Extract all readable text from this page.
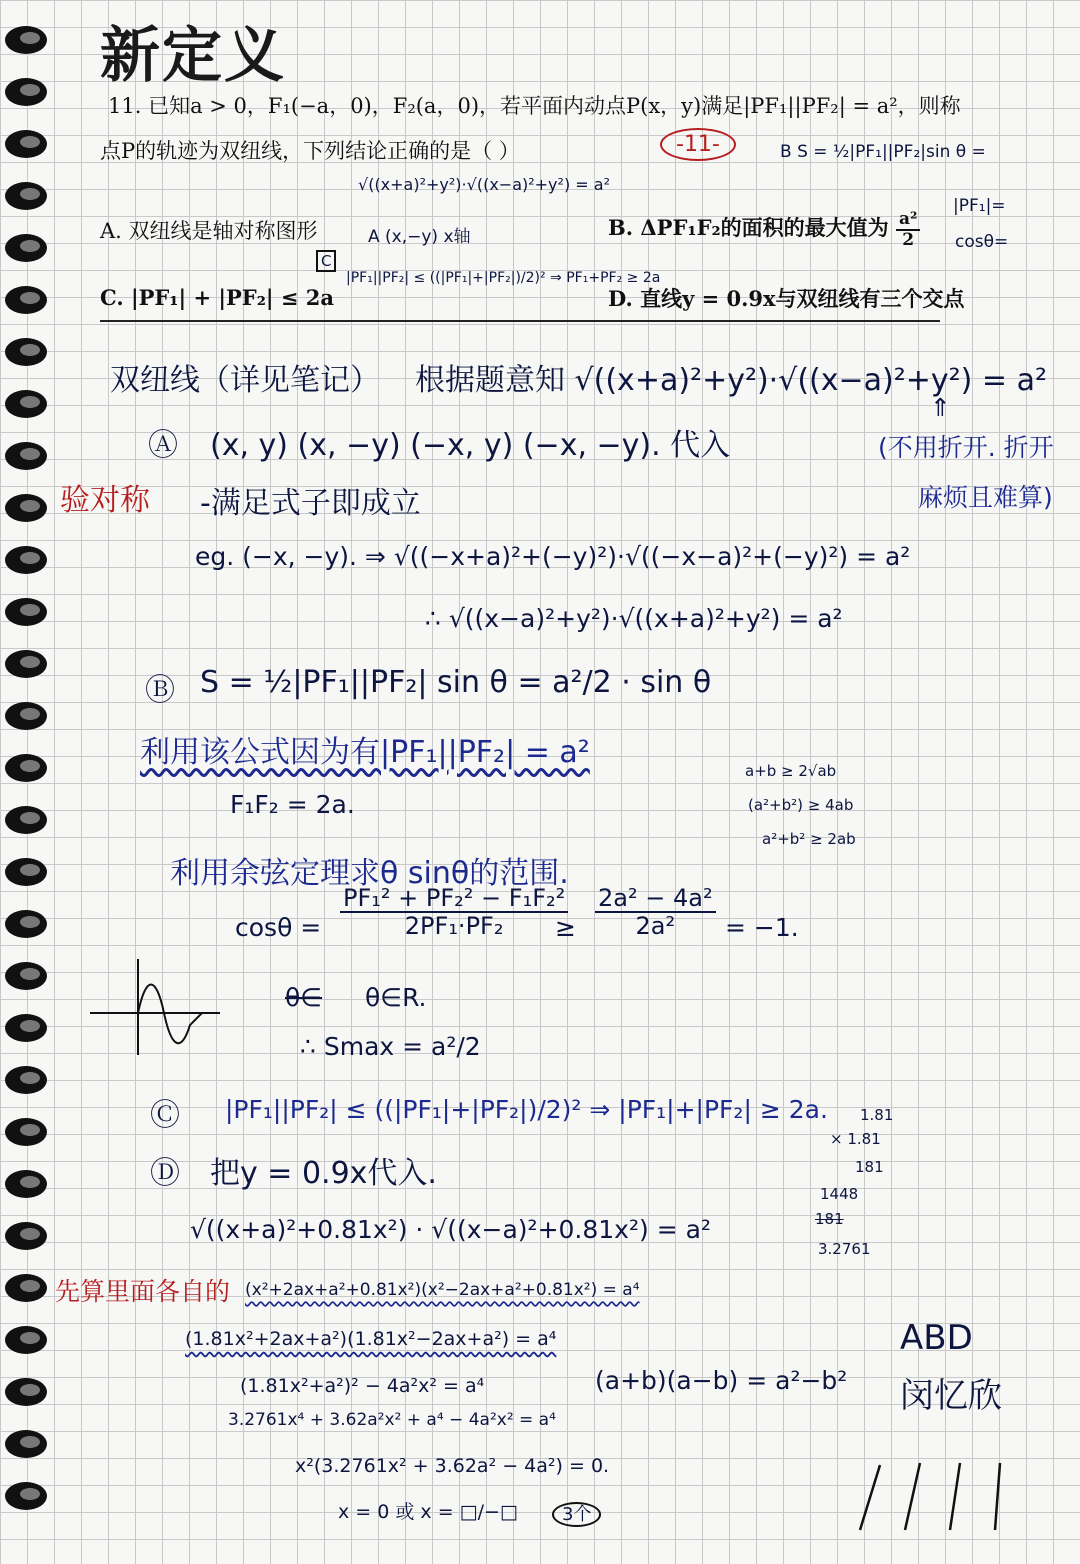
新定义
11. 已知a > 0，F₁(−a，0)，F₂(a，0)，若平面内动点P(x，y)满足|PF₁||PF₂| = a²，则称
点P的轨迹为双纽线，下列结论正确的是（ ）	-11-	B S = ½|PF₁||PF₂|sin θ =
√((x+a)²+y²)·√((x−a)²+y²) = a²
A. 双纽线是轴对称图形	A (x,−y) x轴	B. ΔPF₁F₂的面积的最大值为 $\frac{\text{a²}}{2}$
|PF₁|=
cosθ=
C
C. |PF₁| + |PF₂| ≤ 2a
|PF₁||PF₂| ≤ ((|PF₁|+|PF₂|)/2)² ⇒ PF₁+PF₂ ≥ 2a
D. 直线y = 0.9x与双纽线有三个交点
双纽线（详见笔记） 根据题意知 √((x+a)²+y²)·√((x−a)²+y²) = a²
⇑
(不用折开. 折开
麻烦且难算)
Ⓐ (x, y) (x, −y) (−x, y) (−x, −y). 代入
验对称 -满足式子即成立
eg. (−x, −y). ⇒ √((−x+a)²+(−y)²)·√((−x−a)²+(−y)²) = a²
∴ √((x−a)²+y²)·√((x+a)²+y²) = a²
Ⓑ S = ½|PF₁||PF₂| sin θ = a²/2 · sin θ
利用该公式因为有|PF₁||PF₂| = a²
F₁F₂ = 2a.
a+b ≥ 2√ab
(a²+b²) ≥ 4ab
a²+b² ≥ 2ab
利用余弦定理求θ sinθ的范围.
$\cos\theta = \frac{\text{PF₁² + PF₂² − F₁F₂²}}{\text{2PF₁·PF₂}}$
≥ $\frac{\text{2a² − 4a²}}{\text{2a²}} = -1$.
θ∈ θ∈R.
∴ Smax = a²/2
Ⓒ |PF₁||PF₂| ≤ ((|PF₁|+|PF₂|)/2)² ⇒ |PF₁|+|PF₂| ≥ 2a. 1.81
× 1.81
181
1448
181
3.2761
Ⓓ 把y = 0.9x代入.
√((x+a)²+0.81x²) · √((x−a)²+0.81x²) = a²
先算里面各自的 (x²+2ax+a²+0.81x²)(x²−2ax+a²+0.81x²) = a⁴
(1.81x²+2ax+a²)(1.81x²−2ax+a²) = a⁴
(1.81x²+a²)² − 4a²x² = a⁴	(a+b)(a−b) = a²−b²
3.2761x⁴ + 3.62a²x² + a⁴ − 4a²x² = a⁴
x²(3.2761x² + 3.62a² − 4a²) = 0.
x = 0 或 x = □/−□	3个
ABD
闵忆欣
